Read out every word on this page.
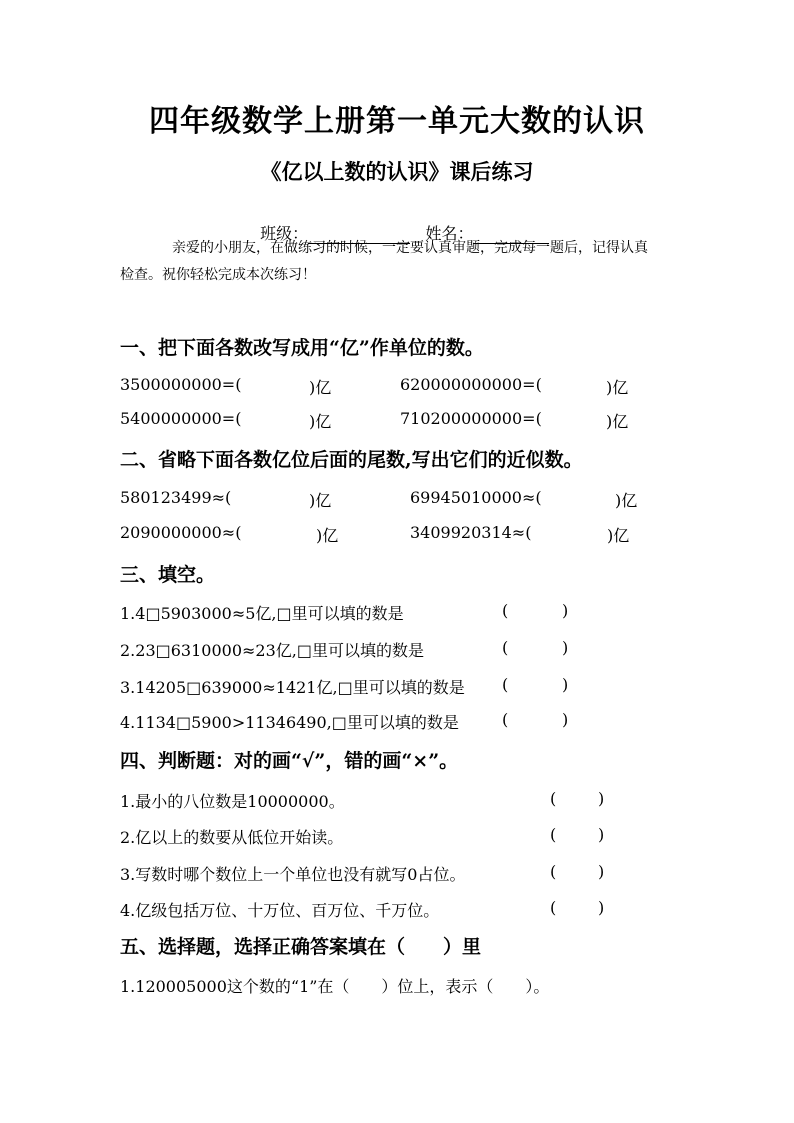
四年级数学上册第一单元大数的认识
《亿以上数的认识》课后练习

班级：	姓名：

亲爱的小朋友，在做练习的时候，一定要认真审题，完成每一题后，记得认真
检查。祝你轻松完成本次练习！
一、把下面各数改写成用“亿”作单位的数。
3500000000=(	)亿	620000000000=(	)亿
5400000000=(	)亿	710200000000=(	)亿
二、省略下面各数亿位后面的尾数,写出它们的近似数。
580123499≈(	)亿	69945010000≈(	)亿
2090000000≈(	)亿	3409920314≈(	)亿
三、填空。
1.4□5903000≈5亿,□里可以填的数是	(	)
2.23□6310000≈23亿,□里可以填的数是	(	)
3.14205□639000≈1421亿,□里可以填的数是 (	)
4.1134□5900>11346490,□里可以填的数是	(	)
四、判断题：对的画“√”，错的画“×”。
1.最小的八位数是10000000。	(	)
2.亿以上的数要从低位开始读。	(	)
3.写数时哪个数位上一个单位也没有就写0占位。	(	)
4.亿级包括万位、十万位、百万位、千万位。	(	)
五、选择题，选择正确答案填在（　　）里
1.120005000这个数的“1”在（　　）位上，表示（　　）。
